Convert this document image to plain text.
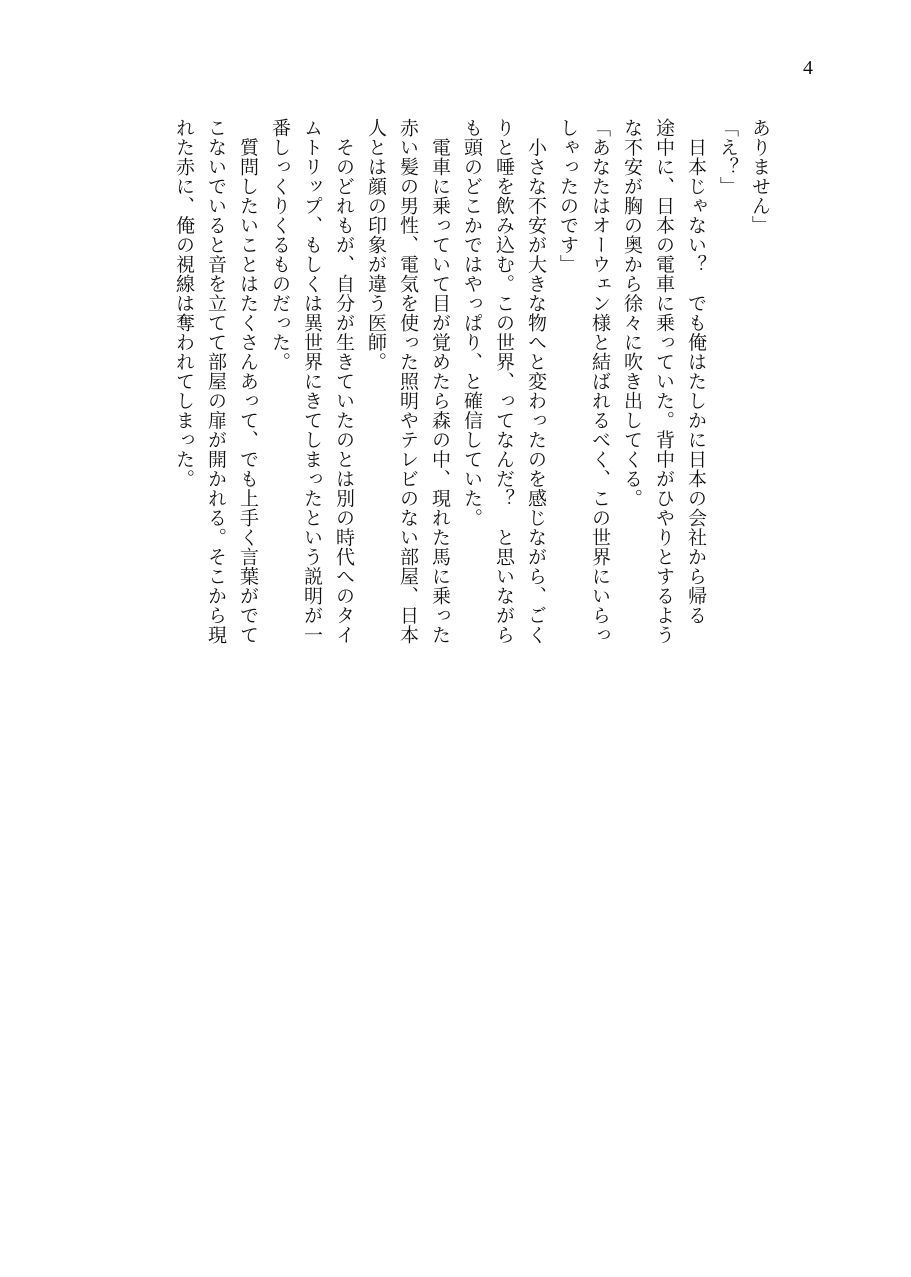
4

ありません」

「え？」

　日本じゃない？　でも俺はたしかに日本の会社から帰る

途中に、日本の電車に乗っていた。背中がひやりとするよう

な不安が胸の奥から徐々に吹き出してくる。

「あなたはオーウェン様と結ばれるべく、この世界にいらっ

しゃったのです」

　小さな不安が大きな物へと変わったのを感じながら、ごく

りと唾を飲み込む。この世界、ってなんだ？　と思いながら

も頭のどこかではやっぱり、と確信していた。

　電車に乗っていて目が覚めたら森の中、現れた馬に乗った

赤い髪の男性、電気を使った照明やテレビのない部屋、日本

人とは顔の印象が違う医師。

　そのどれもが、自分が生きていたのとは別の時代へのタイ

ムトリップ、もしくは異世界にきてしまったという説明が一

番しっくりくるものだった。

　質問したいことはたくさんあって、でも上手く言葉がでて

こないでいると音を立てて部屋の扉が開かれる。そこから現

れた赤に、俺の視線は奪われてしまった。
